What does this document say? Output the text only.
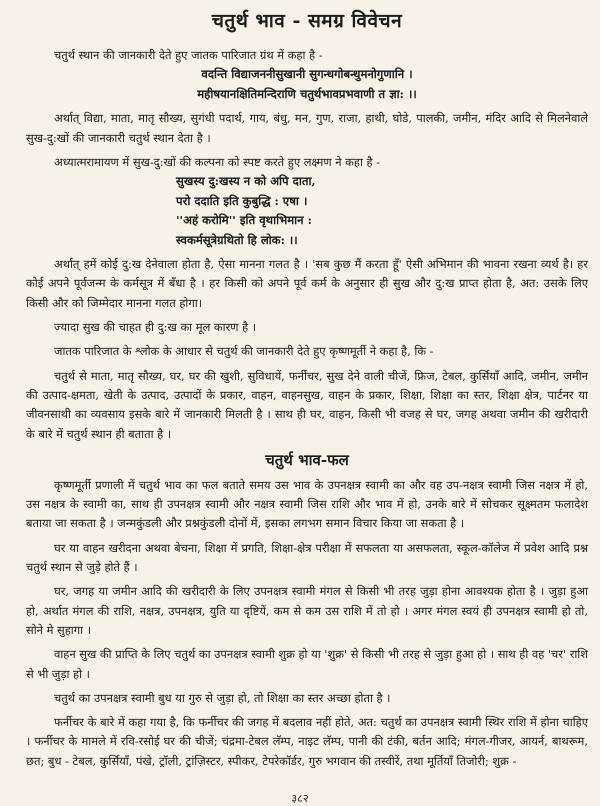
चतुर्थ भाव - समग्र विवेचन

चतुर्थ स्थान की जानकारी देते हुए जातक पारिजात ग्रंथ में कहा है -

वदन्ति विद्याजननीसुखानी सुगन्धगोबन्धुमनोगुणानि ।

महीषयानक्षितिमन्दिराणि चतुर्थभावप्रभवाणी त ज्ञा: ।।

अर्थात् विद्या, माता, मातृ सौख्य, सुगंधी पदार्थ, गाय, बंधु, मन, गुण, राजा, हाथी, घोडे, पालकी, जमीन, मंदिर आदि से मिलनेवाले सुख-दु:खों की जानकारी चतुर्थ स्थान देता है ।

अध्यात्मरामायण में सुख-दु:खों की कल्पना को स्पष्ट करते हुए लक्ष्मण ने कहा है -

सुखस्य दु:खस्य न को अपि दाता,

परो ददाति इति कुबुद्धि : एषा ।

''अहं करोमि'' इति वृथाभिमान :

स्वकर्मसूत्रेग्रथितो हि लोक: ।।

अर्थात् हमें कोई दु:ख देनेवाला होता है, ऐसा मानना गलत है । 'सब कुछ मैं करता हूँ' ऐसी अभिमान की भावना रखना व्यर्थ है। हर कोई अपने पूर्वजन्म के कर्मसूत्र में बँधा है । हर किसी को अपने पूर्व कर्म के अनुसार ही सुख और दु:ख प्राप्त होता है, अत: उसके लिए किसी और को जिम्मेदार मानना गलत होगा।

ज्यादा सुख की चाहत ही दु:ख का मूल कारण है ।

जातक पारिजात के श्लोक के आधार से चतुर्थ की जानकारी देते हुए कृष्णमूर्ती ने कहा है, कि -

चतुर्थ से माता, मातृ सौख्य, घर, घर की खुशी, सुविधायें, फर्नीचर, सुख देने वाली चीजें, फ्रिज, टेबल, कुर्सियाँ आदि, जमीन, जमीन की उत्पाद-क्षमता, खेती के उत्पाद, उत्पादों के प्रकार, वाहन, वाहनसुख, वाहन के प्रकार, शिक्षा, शिक्षा का स्तर, शिक्षा क्षेत्र, पार्टनर या जीवनसाथी का व्यवसाय इसके बारे में जानकारी मिलती है । साथ ही घर, वाहन, किसी भी वजह से घर, जगह अथवा जमीन की खरीदारी के बारे में चतुर्थ स्थान ही बताता है ।

चतुर्थ भाव-फल

कृष्णमूर्ती प्रणाली में चतुर्थ भाव का फल बताते समय उस भाव के उपनक्षत्र स्वामी का और वह उप-नक्षत्र स्वामी जिस नक्षत्र में हो, उस नक्षत्र के स्वामी का, साथ ही उपनक्षत्र स्वामी और नक्षत्र स्वामी जिस राशि और भाव में हो, उनके बारे में सोचकर सूक्ष्मतम फलादेश बताया जा सकता है । जन्मकुंडली और प्रश्नकुंडली दोनों में, इसका लगभग समान विचार किया जा सकता है ।

घर या वाहन खरीदना अथवा बेचना, शिक्षा में प्रगति, शिक्षा-क्षेत्र परीक्षा में सफलता या असफलता, स्कूल-कॉलेज में प्रवेश आदि प्रश्न चतुर्थ स्थान से जुड़े होते हैं ।

घर, जगह या जमीन आदि की खरीदारी के लिए उपनक्षत्र स्वामी मंगल से किसी भी तरह जुड़ा होना आवश्यक होता है । जुड़ा हुआ हो, अर्थात मंगल की राशि, नक्षत्र, उपनक्षत्र, युति या दृष्टियें, कम से कम उस राशि में तो हो । अगर मंगल स्वयं ही उपनक्षत्र स्वामी हो तो, सोने मे सुहागा ।

वाहन सुख की प्राप्ति के लिए चतुर्थ का उपनक्षत्र स्वामी शुक्र हो या 'शुक्र' से किसी भी तरह से जुड़ा हुआ हो । साथ ही वह 'चर' राशि से भी जुड़ा हो ।

चतुर्थ का उपनक्षत्र स्वामी बुध या गुरु से जुड़ा हो, तो शिक्षा का स्तर अच्छा होता है ।

फर्नीचर के बारे में कहा गया है, कि फर्नीचर की जगह में बदलाव नहीं होते, अत: चतुर्थ का उपनक्षत्र स्वामी स्थिर राशि में होना चाहिए । फर्नीचर के मामले में रवि-रसोई घर की चीजें; चंद्रमा-टेबल लॅम्प, नाइट लॅम्प, पानी की टंकी, बर्तन आदि; मंगल-गीजर, आयर्न, बाथरूम, छत; बुध - टेबल, कुर्सियाँ, पंखे, ट्रॉली, ट्रांज़िस्टर, स्पीकर, टेपरेकॉर्डर, गुरु भगवान की तस्वीरें, तथा मूर्तियाँ तिजोरी; शुक्र -

३८२
